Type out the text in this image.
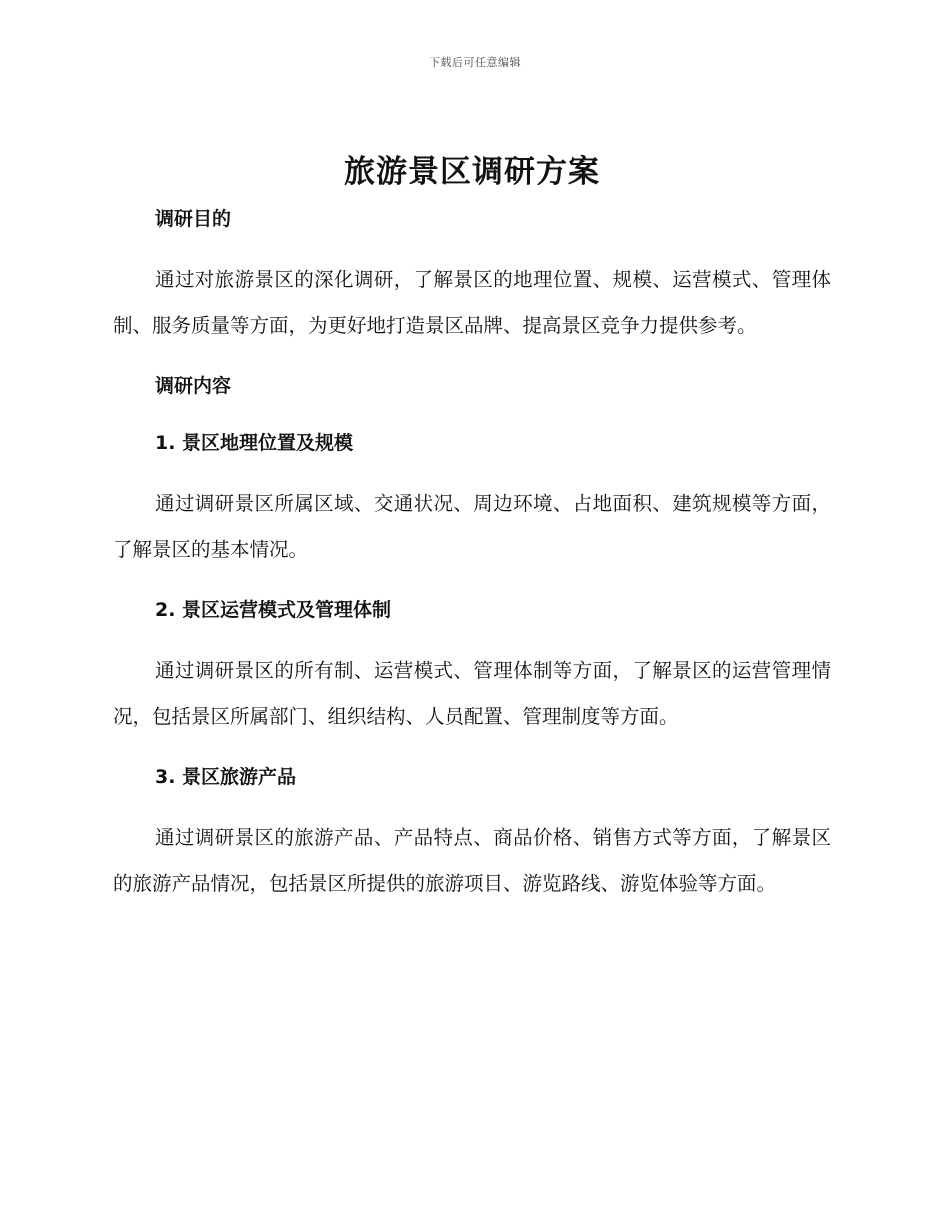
下载后可任意编辑
旅游景区调研方案
调研目的

通过对旅游景区的深化调研，了解景区的地理位置、规模、运营模式、管理体制、服务质量等方面，为更好地打造景区品牌、提高景区竞争力提供参考。

调研内容
1. 景区地理位置及规模

通过调研景区所属区域、交通状况、周边环境、占地面积、建筑规模等方面，了解景区的基本情况。

2. 景区运营模式及管理体制

通过调研景区的所有制、运营模式、管理体制等方面，了解景区的运营管理情况，包括景区所属部门、组织结构、人员配置、管理制度等方面。

3. 景区旅游产品

通过调研景区的旅游产品、产品特点、商品价格、销售方式等方面，了解景区的旅游产品情况，包括景区所提供的旅游项目、游览路线、游览体验等方面。
